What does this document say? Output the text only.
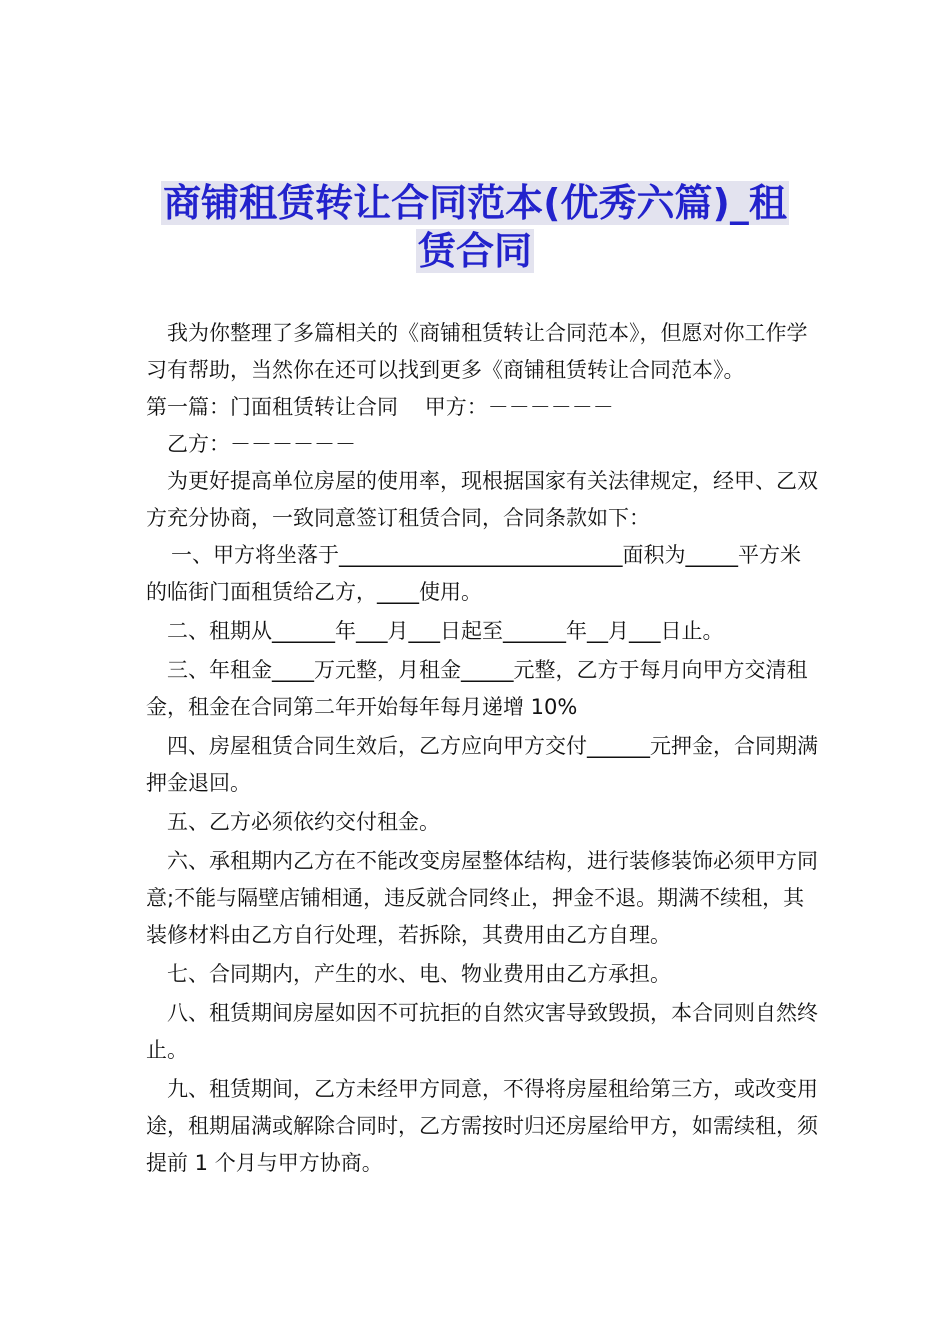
商铺租赁转让合同范本(优秀六篇)_租
赁合同

我为你整理了多篇相关的《商铺租赁转让合同范本》，但愿对你工作学习有帮助，当然你在还可以找到更多《商铺租赁转让合同范本》。

第一篇：门面租赁转让合同    甲方：－－－－－－

乙方：－－－－－－

为更好提高单位房屋的使用率，现根据国家有关法律规定，经甲、乙双方充分协商，一致同意签订租赁合同，合同条款如下：

一、甲方将坐落于___________________________面积为_____平方米的临街门面租赁给乙方，____使用。

二、租期从______年___月___日起至______年__月___日止。

三、年租金____万元整，月租金_____元整，乙方于每月向甲方交清租金，租金在合同第二年开始每年每月递增 10%

四、房屋租赁合同生效后，乙方应向甲方交付______元押金，合同期满押金退回。

五、乙方必须依约交付租金。

六、承租期内乙方在不能改变房屋整体结构，进行装修装饰必须甲方同意;不能与隔壁店铺相通，违反就合同终止，押金不退。期满不续租，其装修材料由乙方自行处理，若拆除，其费用由乙方自理。

七、合同期内，产生的水、电、物业费用由乙方承担。

八、租赁期间房屋如因不可抗拒的自然灾害导致毁损，本合同则自然终止。

九、租赁期间，乙方未经甲方同意，不得将房屋租给第三方，或改变用途，租期届满或解除合同时，乙方需按时归还房屋给甲方，如需续租，须提前 1 个月与甲方协商。
